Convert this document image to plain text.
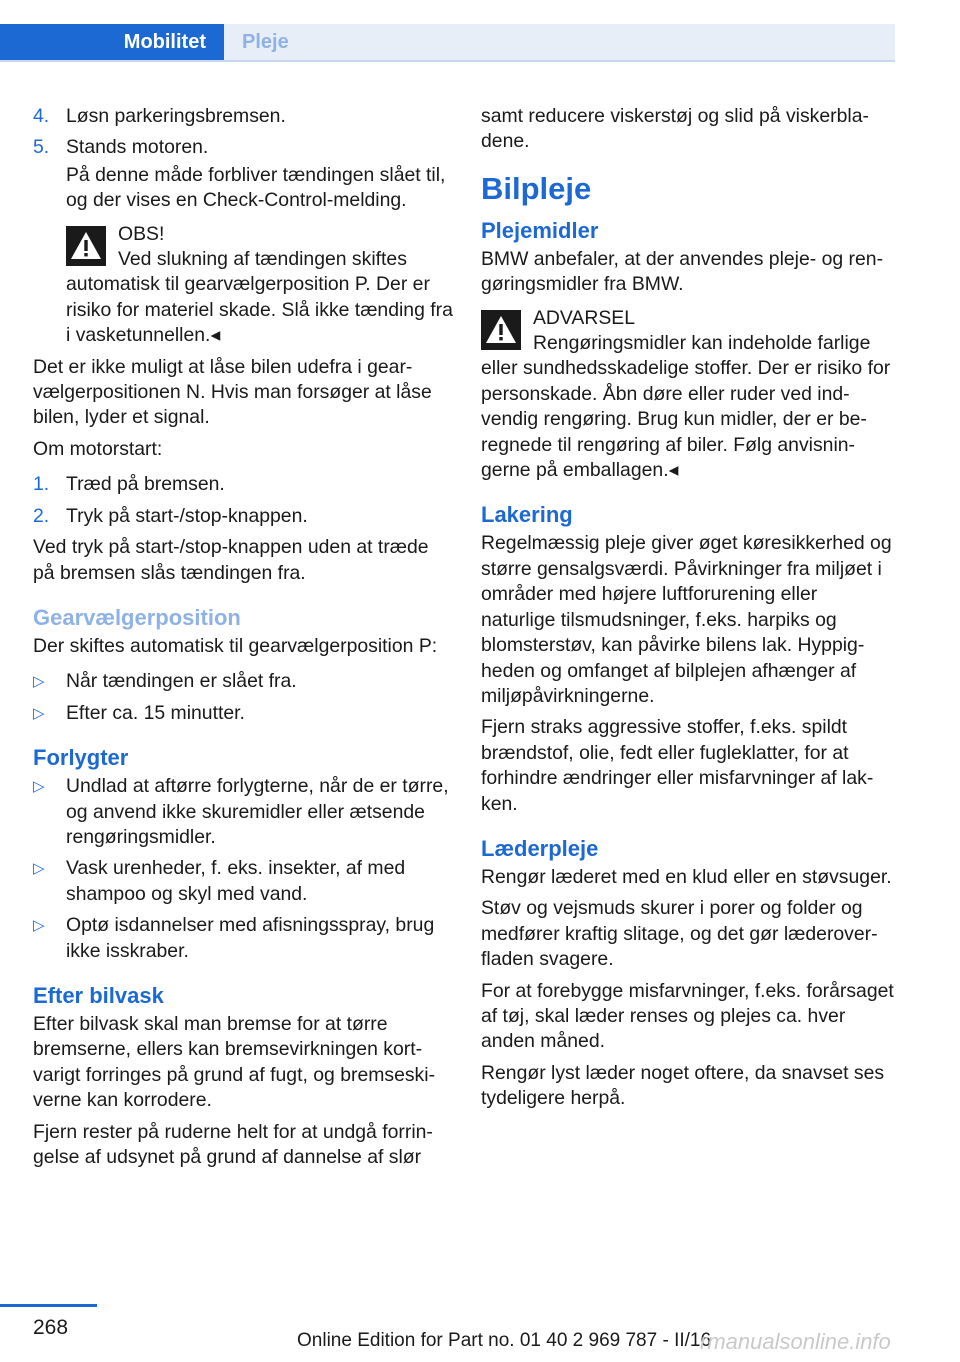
Mobilitet	Pleje
4. Løsn parkeringsbremsen.
5. Stands motoren.

På denne måde forbliver tændingen slået til, og der vises en Check-Control-melding.

OBS!
Ved slukning af tændingen skiftes automatisk til gearvælgerposition P. Der er risiko for materiel skade. Slå ikke tænding fra i vasketunnellen.◂

Det er ikke muligt at låse bilen udefra i gearvælgerpositionen N. Hvis man forsøger at låse bilen, lyder et signal.

Om motorstart:

1. Træd på bremsen.
2. Tryk på start-/stop-knappen.

Ved tryk på start-/stop-knappen uden at træde på bremsen slås tændingen fra.

Gearvælgerposition

Der skiftes automatisk til gearvælgerposition P:

▷ Når tændingen er slået fra.
▷ Efter ca. 15 minutter.
Forlygter
▷ Undlad at aftørre forlygterne, når de er tørre, og anvend ikke skuremidler eller ætsende rengøringsmidler.
▷ Vask urenheder, f. eks. insekter, af med shampoo og skyl med vand.
▷ Optø isdannelser med afisningsspray, brug ikke isskraber.
Efter bilvask

Efter bilvask skal man bremse for at tørre bremserne, ellers kan bremsevirkningen kortvarigt forringes på grund af fugt, og bremseskiverne kan korrodere.

Fjern rester på ruderne helt for at undgå forringelse af udsynet på grund af dannelse af slør

samt reducere viskerstøj og slid på viskerbladene.

Bilpleje
Plejemidler

BMW anbefaler, at der anvendes pleje- og rengøringsmidler fra BMW.

ADVARSEL
Rengøringsmidler kan indeholde farlige eller sundhedsskadelige stoffer. Der er risiko for personskade. Åbn døre eller ruder ved indvendig rengøring. Brug kun midler, der er beregnede til rengøring af biler. Følg anvisningerne på emballagen.◂
Lakering

Regelmæssig pleje giver øget køresikkerhed og større gensalgsværdi. Påvirkninger fra miljøet i områder med højere luftforurening eller naturlige tilsmudsninger, f.eks. harpiks og blomsterstøv, kan påvirke bilens lak. Hyppigheden og omfanget af bilplejen afhænger af miljøpåvirkningerne.

Fjern straks aggressive stoffer, f.eks. spildt brændstof, olie, fedt eller fugleklatter, for at forhindre ændringer eller misfarvninger af lakken.

Læderpleje

Rengør læderet med en klud eller en støvsuger.

Støv og vejsmuds skurer i porer og folder og medfører kraftig slitage, og det gør læderoverfladen svagere.

For at forebygge misfarvninger, f.eks. forårsaget af tøj, skal læder renses og plejes ca. hver anden måned.

Rengør lyst læder noget oftere, da snavset ses tydeligere herpå.

268
Online Edition for Part no. 01 40 2 969 787 - II/16
rmanualsonline.info
